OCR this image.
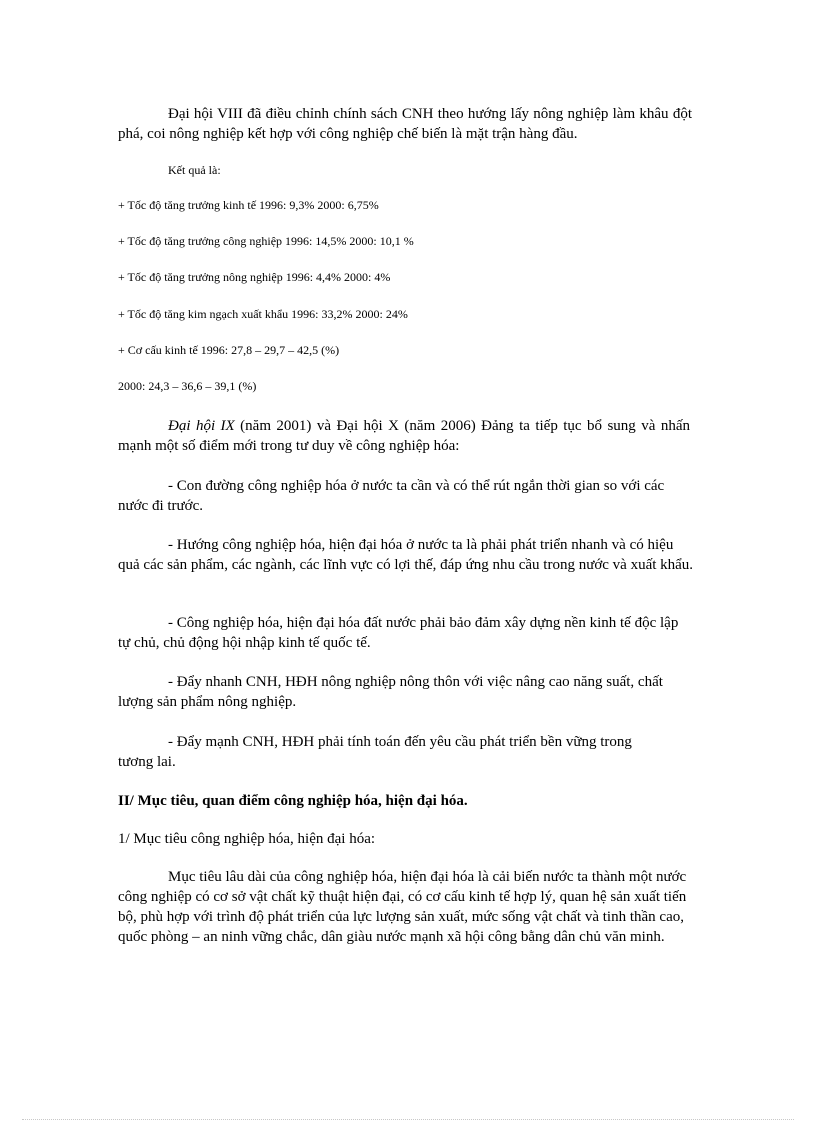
Đại hội VIII đã điều chỉnh chính sách CNH theo hướng lấy nông nghiệp làm khâu đột phá, coi nông nghiệp kết hợp với công nghiệp chế biến là mặt trận hàng đầu.

Kết quả là:

+ Tốc độ tăng trưởng kinh tế 1996: 9,3% 2000: 6,75%

+ Tốc độ tăng trưởng công nghiệp 1996: 14,5% 2000: 10,1 %

+ Tốc độ tăng trưởng nông nghiệp 1996: 4,4% 2000: 4%

+ Tốc độ tăng kim ngạch xuất khẩu 1996: 33,2% 2000: 24%

+ Cơ cấu kinh tế 1996: 27,8 – 29,7 – 42,5 (%)

2000: 24,3 – 36,6 – 39,1 (%)

Đại hội IX (năm 2001) và Đại hội X (năm 2006) Đảng ta tiếp tục bổ sung và nhấn mạnh một số điểm mới trong tư duy về công nghiệp hóa:

- Con đường công nghiệp hóa ở nước ta cần và có thể rút ngắn thời gian so với các nước đi trước.

- Hướng công nghiệp hóa, hiện đại hóa ở nước ta là phải phát triển nhanh và có hiệu quả các sản phẩm, các ngành, các lĩnh vực có lợi thế, đáp ứng nhu cầu trong nước và xuất khẩu.

- Công nghiệp hóa, hiện đại hóa đất nước phải bảo đảm xây dựng nền kinh tế độc lập tự chủ, chủ động hội nhập kinh tế quốc tế.

- Đẩy nhanh CNH, HĐH nông nghiệp nông thôn với việc nâng cao năng suất, chất lượng sản phẩm nông nghiệp.

- Đẩy mạnh CNH, HĐH phải tính toán đến yêu cầu phát triển bền vững trong tương lai.

II/ Mục tiêu, quan điểm công nghiệp hóa, hiện đại hóa.

1/ Mục tiêu công nghiệp hóa, hiện đại hóa:

Mục tiêu lâu dài của công nghiệp hóa, hiện đại hóa là cải biến nước ta thành một nước công nghiệp có cơ sở vật chất kỹ thuật hiện đại, có cơ cấu kinh tế hợp lý, quan hệ sản xuất tiến bộ, phù hợp với trình độ phát triển của lực lượng sản xuất, mức sống vật chất và tinh thần cao, quốc phòng – an ninh vững chắc, dân giàu nước mạnh xã hội công bằng dân chủ văn minh.
